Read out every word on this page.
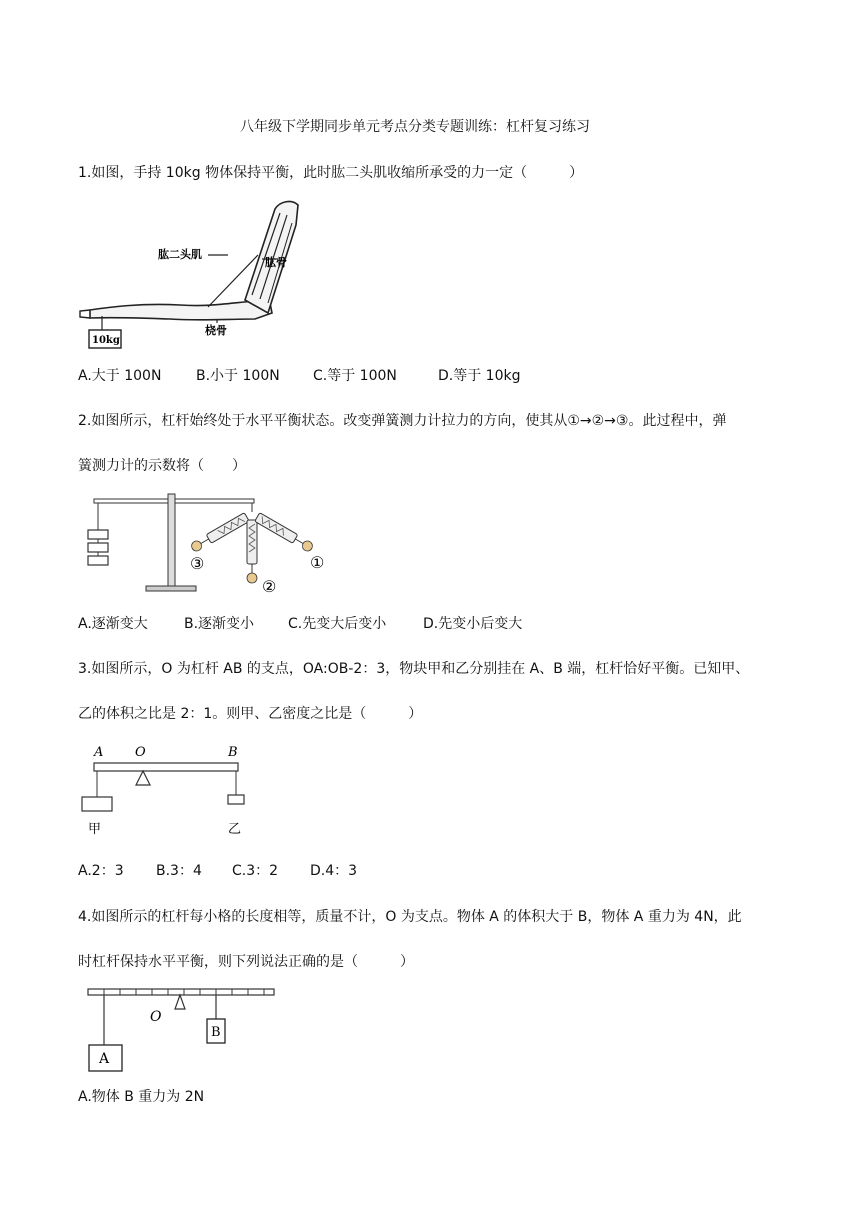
八年级下学期同步单元考点分类专题训练：杠杆复习练习
1.如图，手持 10kg 物体保持平衡，此时肱二头肌收缩所承受的力一定（　　　）
10kg
肱二头肌
肱骨
桡骨
A.大于 100N B.小于 100N C.等于 100N	D.等于 10kg
2.如图所示，杠杆始终处于水平平衡状态。改变弹簧测力计拉力的方向，使其从①→②→③。此过程中，弹
簧测力计的示数将（　　）
③
②
①
A.逐渐变大	B.逐渐变小 C.先变大后变小	D.先变小后变大
3.如图所示，O 为杠杆 AB 的支点，OA:OB-2：3，物块甲和乙分别挂在 A、B 端，杠杆恰好平衡。已知甲、
乙的体积之比是 2：1。则甲、乙密度之比是（　　　）
A O	B
甲	乙
A.2：3 B.3：4 C.3：2 D.4：3
4.如图所示的杠杆每小格的长度相等，质量不计，O 为支点。物体 A 的体积大于 B，物体 A 重力为 4N，此
时杠杆保持水平平衡，则下列说法正确的是（　　　）
O
A
B
A.物体 B 重力为 2N
